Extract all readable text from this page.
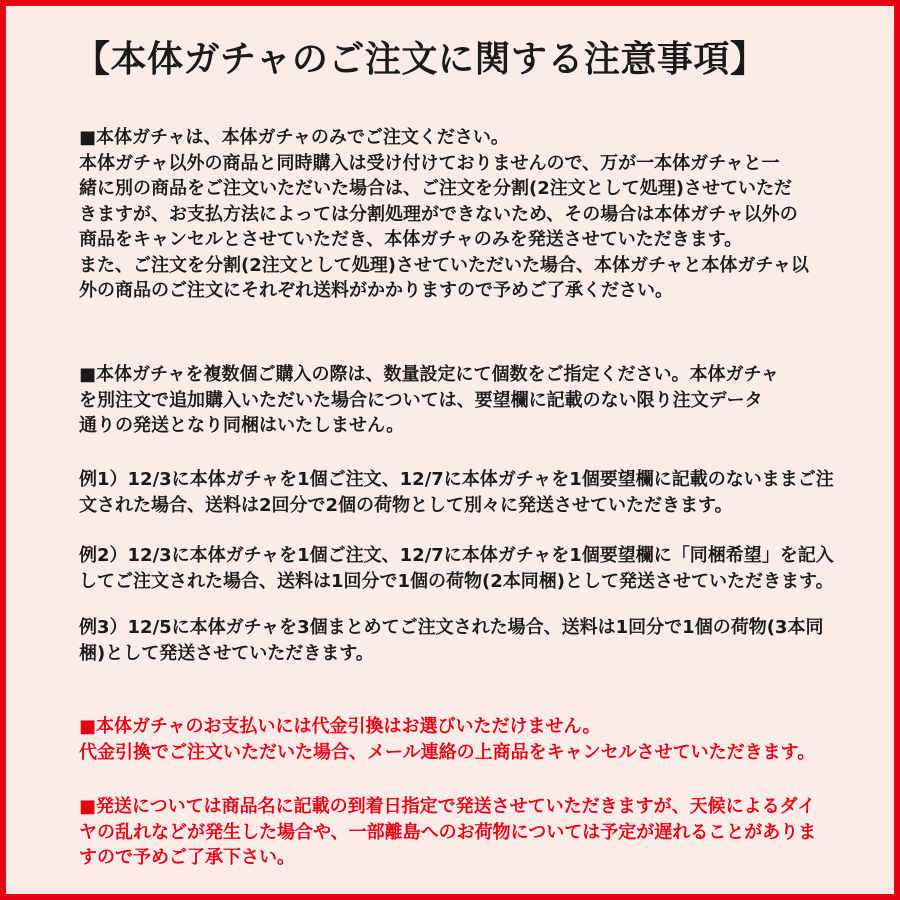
【本体ガチャのご注文に関する注意事項】

■本体ガチャは、本体ガチャのみでご注文ください。

本体ガチャ以外の商品と同時購入は受け付けておりませんので、万が一本体ガチャと一

緒に別の商品をご注文いただいた場合は、ご注文を分割(2注文として処理)させていただ

きますが、お支払方法によっては分割処理ができないため、その場合は本体ガチャ以外の

商品をキャンセルとさせていただき、本体ガチャのみを発送させていただきます。

また、ご注文を分割(2注文として処理)させていただいた場合、本体ガチャと本体ガチャ以

外の商品のご注文にそれぞれ送料がかかりますので予めご了承ください。

■本体ガチャを複数個ご購入の際は、数量設定にて個数をご指定ください。本体ガチャ

を別注文で追加購入いただいた場合については、要望欄に記載のない限り注文データ

通りの発送となり同梱はいたしません。

例1）12/3に本体ガチャを1個ご注文、12/7に本体ガチャを1個要望欄に記載のないままご注

文された場合、送料は2回分で2個の荷物として別々に発送させていただきます。

例2）12/3に本体ガチャを1個ご注文、12/7に本体ガチャを1個要望欄に「同梱希望」を記入

してご注文された場合、送料は1回分で1個の荷物(2本同梱)として発送させていただきます。

例3）12/5に本体ガチャを3個まとめてご注文された場合、送料は1回分で1個の荷物(3本同

梱)として発送させていただきます。

■本体ガチャのお支払いには代金引換はお選びいただけません。

代金引換でご注文いただいた場合、メール連絡の上商品をキャンセルさせていただきます。

■発送については商品名に記載の到着日指定で発送させていただきますが、天候によるダイ

ヤの乱れなどが発生した場合や、一部離島へのお荷物については予定が遅れることがありま

すので予めご了承下さい。
